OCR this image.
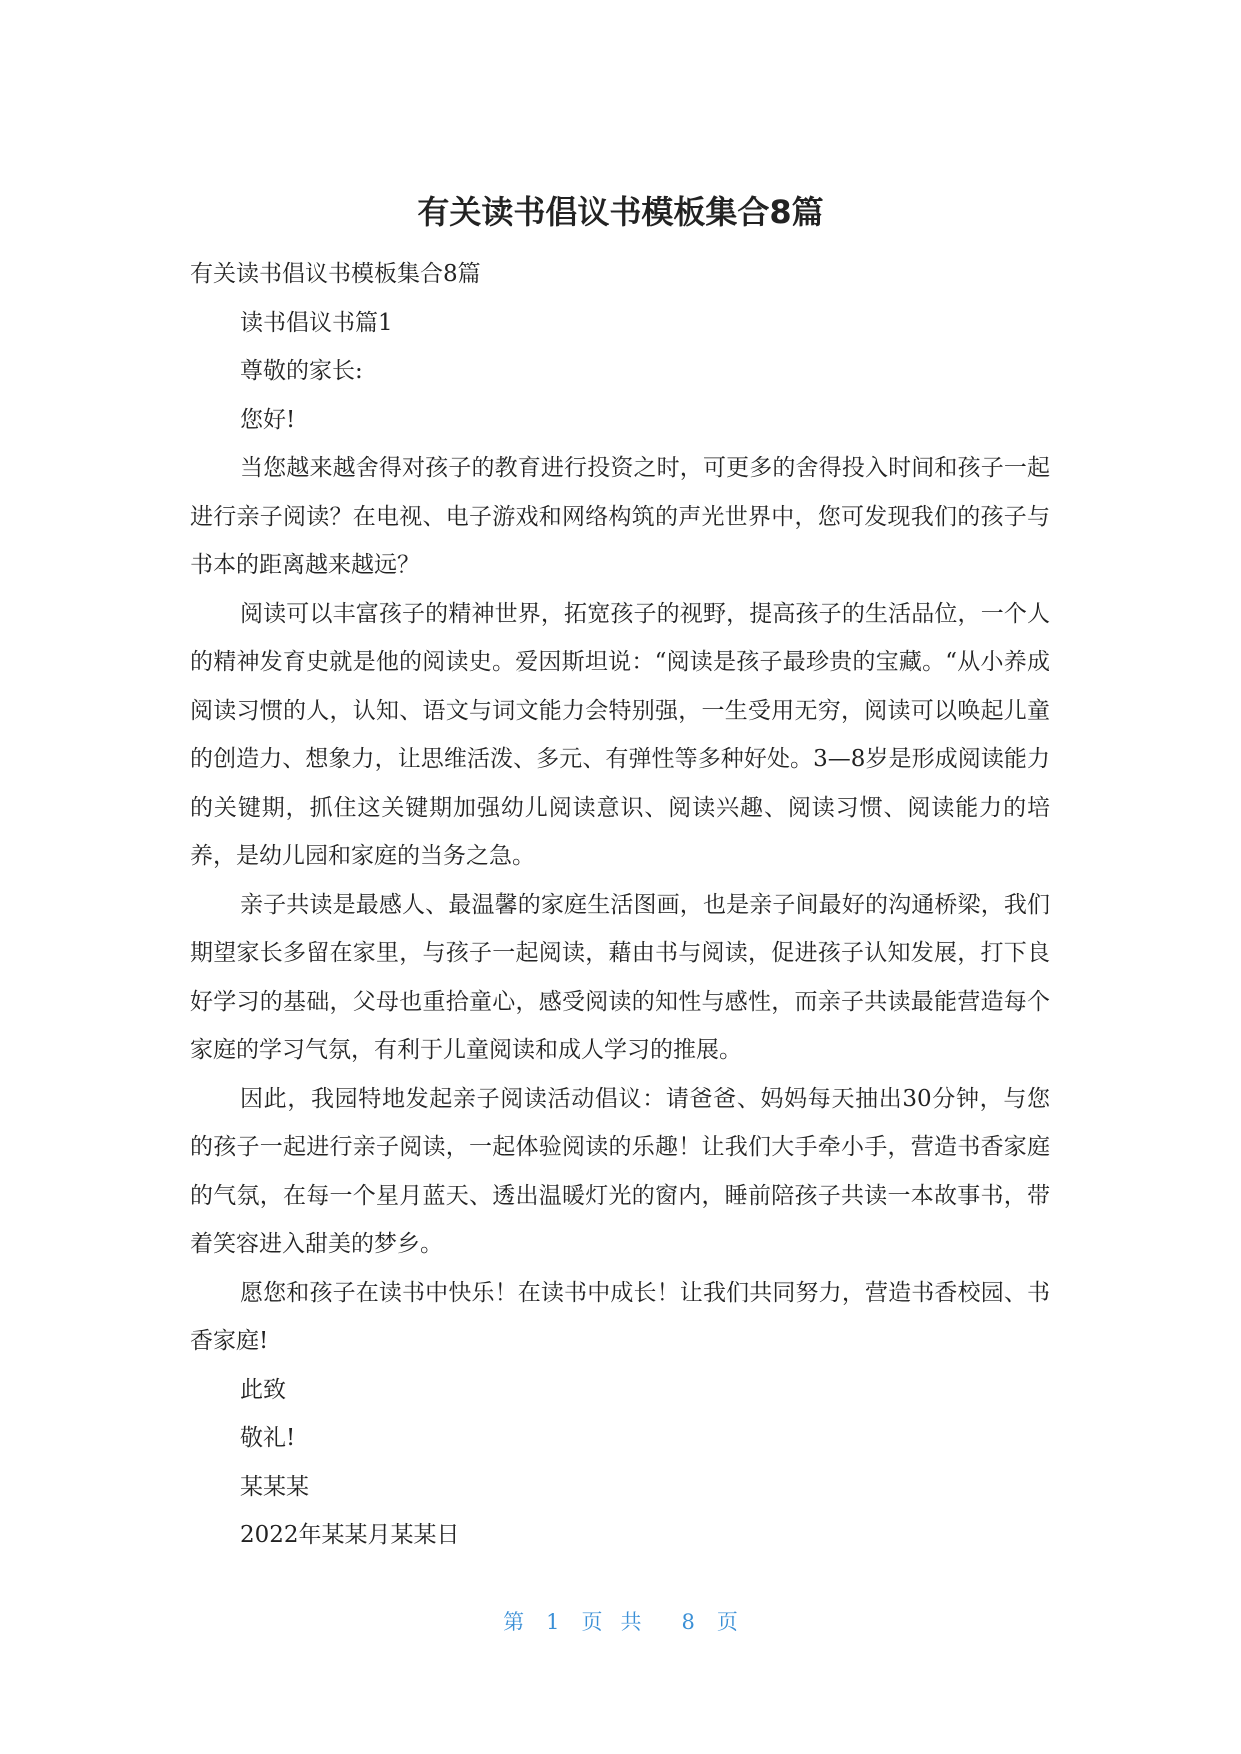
有关读书倡议书模板集合8篇

有关读书倡议书模板集合8篇

读书倡议书篇1

尊敬的家长:

您好!

当您越来越舍得对孩子的教育进行投资之时，可更多的舍得投入时间和孩子一起进行亲子阅读？在电视、电子游戏和网络构筑的声光世界中，您可发现我们的孩子与书本的距离越来越远？

阅读可以丰富孩子的精神世界，拓宽孩子的视野，提高孩子的生活品位，一个人的精神发育史就是他的阅读史。爱因斯坦说：“阅读是孩子最珍贵的宝藏。“从小养成阅读习惯的人，认知、语文与词文能力会特别强，一生受用无穷，阅读可以唤起儿童的创造力、想象力，让思维活泼、多元、有弹性等多种好处。3—8岁是形成阅读能力的关键期，抓住这关键期加强幼儿阅读意识、阅读兴趣、阅读习惯、阅读能力的培养，是幼儿园和家庭的当务之急。

亲子共读是最感人、最温馨的家庭生活图画，也是亲子间最好的沟通桥梁，我们期望家长多留在家里，与孩子一起阅读，藉由书与阅读，促进孩子认知发展，打下良好学习的基础，父母也重拾童心，感受阅读的知性与感性，而亲子共读最能营造每个家庭的学习气氛，有利于儿童阅读和成人学习的推展。

因此，我园特地发起亲子阅读活动倡议：请爸爸、妈妈每天抽出30分钟，与您的孩子一起进行亲子阅读，一起体验阅读的乐趣！让我们大手牵小手，营造书香家庭的气氛，在每一个星月蓝天、透出温暖灯光的窗内，睡前陪孩子共读一本故事书，带着笑容进入甜美的梦乡。

愿您和孩子在读书中快乐！在读书中成长！让我们共同努力，营造书香校园、书香家庭!

此致

敬礼!

某某某

2022年某某月某某日

第 1 页共 8 页
